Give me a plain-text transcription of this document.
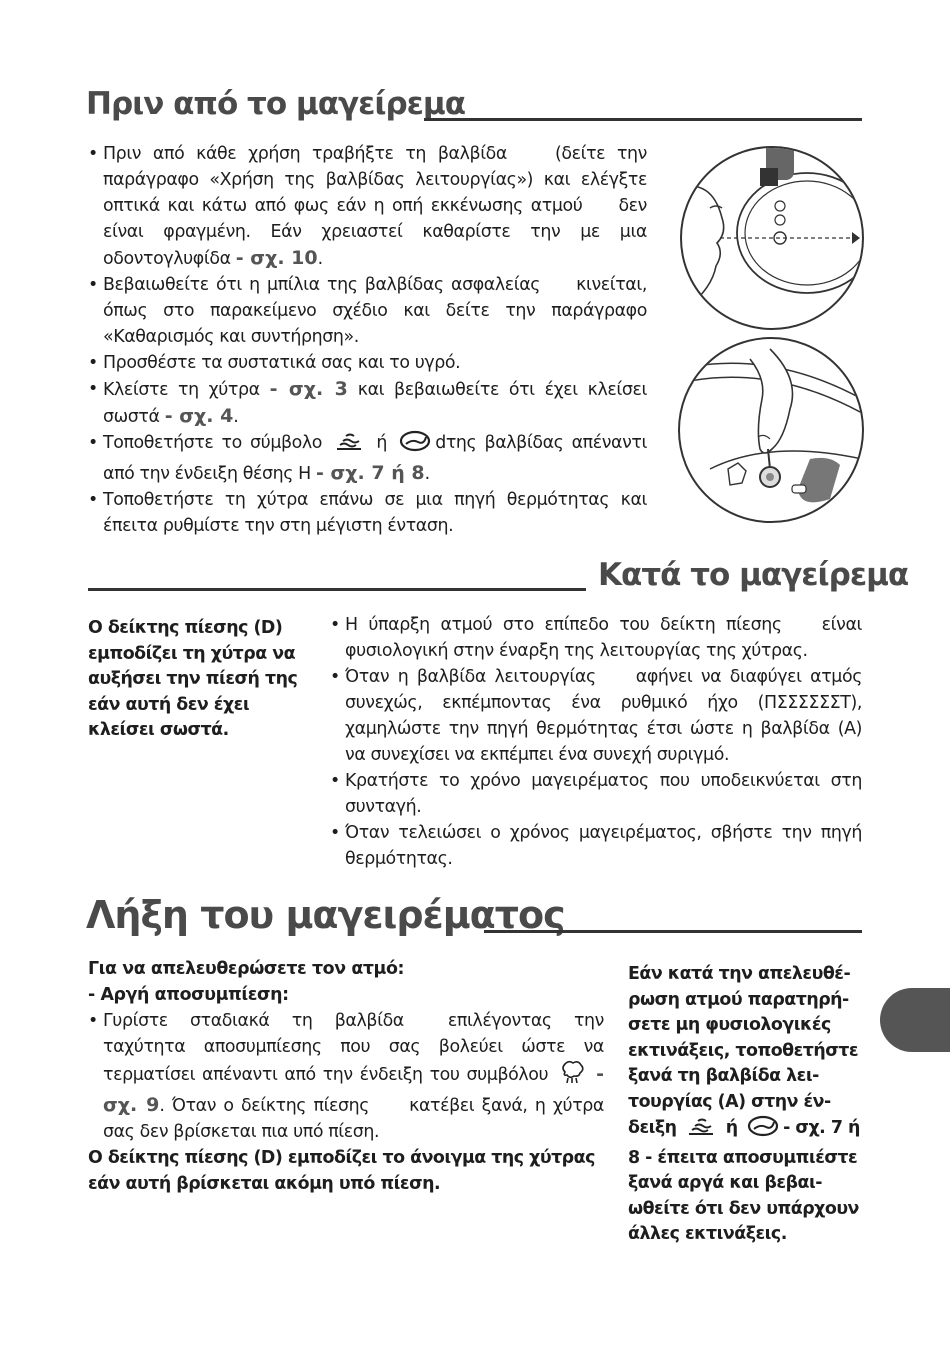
Πριν από το μαγείρεμα
• Πριν από κάθε χρήση τραβήξτε τη βαλβίδα	(δείτε την παράγραφο «Χρήση της βαλβίδας λειτουργίας») και ελέγξτε οπτικά και κάτω από φως εάν η οπή εκκένωσης ατμού δεν είναι φραγμένη. Εάν χρειαστεί καθαρίστε την με μια οδοντογλυφίδα - σχ. 10.
• Βεβαιωθείτε ότι η μπίλια της βαλβίδας ασφαλείας κινείται, όπως στο παρακείμενο σχέδιο και δείτε την παράγραφο «Καθαρισμός και συντήρηση».
• Προσθέστε τα συστατικά σας και το υγρό.
• Κλείστε τη χύτρα - σχ. 3 και βεβαιωθείτε ότι έχει κλείσει σωστά - σχ. 4.
• Τοποθετήστε το σύμβολο	ή	dτης βαλβίδας απέναντι από την ένδειξη θέσης H - σχ. 7 ή 8.
• Τοποθετήστε τη χύτρα επάνω σε μια πηγή θερμότητας και έπειτα ρυθμίστε την στη μέγιστη ένταση.
Κατά το μαγείρεμα
Ο δείκτης πίεσης (D) εμποδίζει τη χύτρα να αυξήσει την πίεσή της εάν αυτή δεν έχει κλείσει σωστά.
• Η ύπαρξη ατμού στο επίπεδο του δείκτη πίεσης είναι φυσιολογική στην έναρξη της λειτουργίας της χύτρας.
• Όταν η βαλβίδα λειτουργίας αφήνει να διαφύγει ατμός συνεχώς, εκπέμποντας ένα ρυθμικό ήχο (ΠΣΣΣΣΣΣΤ), χαμηλώστε την πηγή θερμότητας έτσι ώστε η βαλβίδα (A) να συνεχίσει να εκπέμπει ένα συνεχή συριγμό.
• Κρατήστε το χρόνο μαγειρέματος που υποδεικνύεται στη συνταγή.
• Όταν τελειώσει ο χρόνος μαγειρέματος, σβήστε την πηγή θερμότητας.
Λήξη του μαγειρέματος
Για να απελευθερώσετε τον ατμό:
- Αργή αποσυμπίεση:
• Γυρίστε σταδιακά τη βαλβίδα	επιλέγοντας την ταχύτητα αποσυμπίεσης που σας βολεύει ώστε να τερματίσει απέναντι από την ένδειξη του συμβόλου	- σχ. 9. Όταν ο δείκτης πίεσης κατέβει ξανά, η χύτρα σας δεν βρίσκεται πια υπό πίεση.
Ο δείκτης πίεσης (D) εμποδίζει το άνοιγμα της χύτρας εάν αυτή βρίσκεται ακόμη υπό πίεση.
Εάν κατά την απελευθέ-ρωση ατμού παρατηρή-σετε μη φυσιολογικές εκτινάξεις, τοποθετήστε ξανά τη βαλβίδα λει-τουργίας (A) στην έν-δειξη	ή	- σχ. 7 ή 8 - έπειτα αποσυμπιέστε ξανά αργά και βεβαι-ωθείτε ότι δεν υπάρχουν άλλες εκτινάξεις.
